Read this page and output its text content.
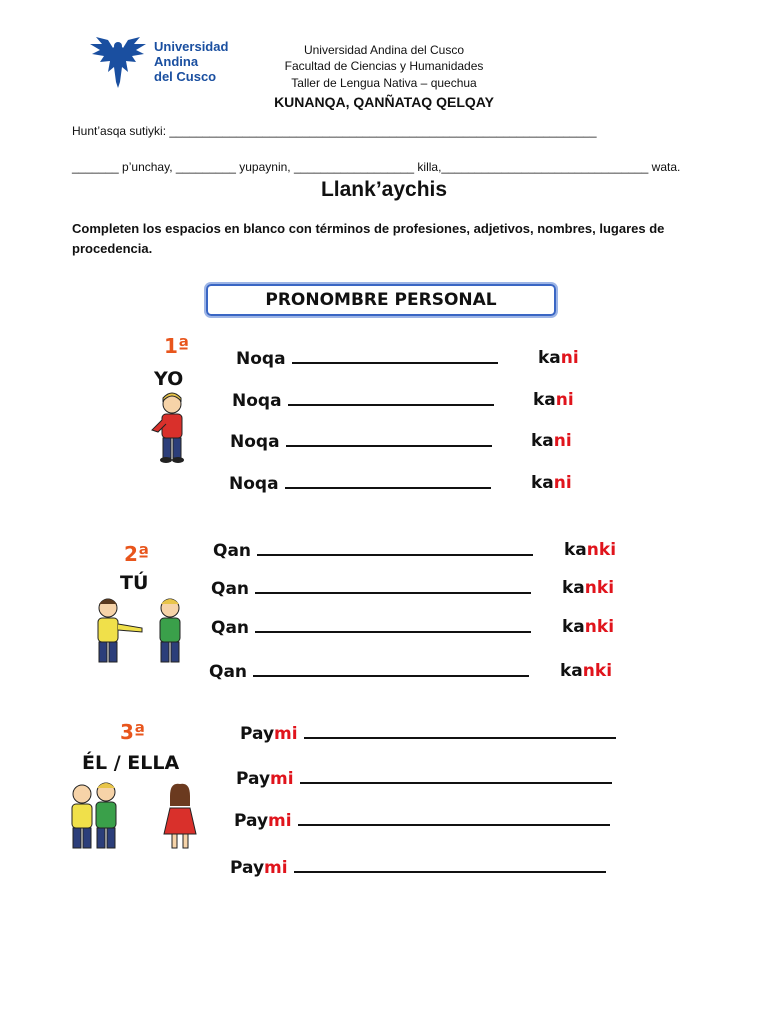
Universidad
Andina
del Cusco
Universidad Andina del Cusco
Facultad de Ciencias y Humanidades
Taller de Lengua Nativa – quechua
KUNANQA, QANÑATAQ QELQAY
Hunt’asqa sutiyki: ________________________________________________________________
_______ p’unchay, _________ yupaynin, __________________ killa,_______________________________ wata.
Llank’aychis
Completen los espacios en blanco con términos de profesiones, adjetivos, nombres, lugares de procedencia.
PRONOMBRE PERSONAL
1ª
YO
Noqa	kani
Noqa	kani
Noqa	kani
Noqa	kani
2ª
TÚ
Qan	kanki
Qan	kanki
Qan	kanki
Qan	kanki
3ª
ÉL / ELLA
Paymi
Paymi
Paymi
Paymi
